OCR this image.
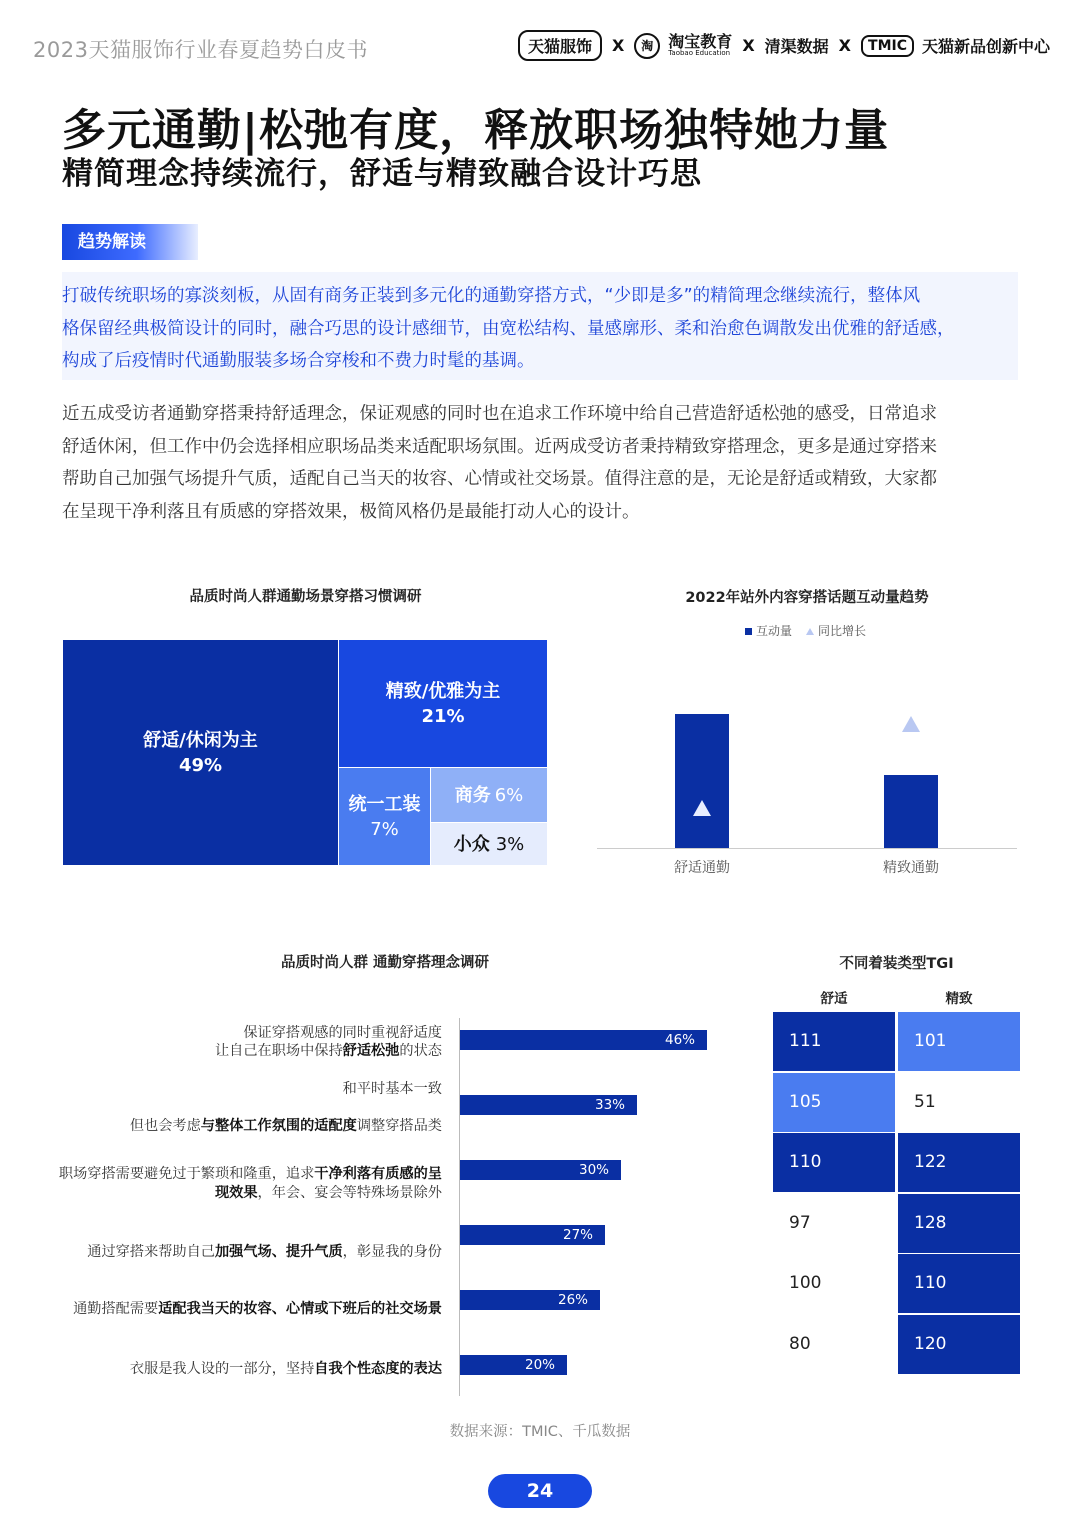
2023天猫服饰行业春夏趋势白皮书	天猫服饰	X	淘 淘宝教育
Taobao Education X 清渠数据 X	TMIC 天猫新品创新中心
多元通勤|松弛有度，释放职场独特她力量
精简理念持续流行，舒适与精致融合设计巧思
趋势解读
打破传统职场的寡淡刻板，从固有商务正装到多元化的通勤穿搭方式，“少即是多”的精简理念继续流行，整体风
格保留经典极简设计的同时，融合巧思的设计感细节，由宽松结构、量感廓形、柔和治愈色调散发出优雅的舒适感，
构成了后疫情时代通勤服装多场合穿梭和不费力时髦的基调。
近五成受访者通勤穿搭秉持舒适理念，保证观感的同时也在追求工作环境中给自己营造舒适松弛的感受，日常追求
舒适休闲，但工作中仍会选择相应职场品类来适配职场氛围。近两成受访者秉持精致穿搭理念，更多是通过穿搭来
帮助自己加强气场提升气质，适配自己当天的妆容、心情或社交场景。值得注意的是，无论是舒适或精致，大家都
在呈现干净利落且有质感的穿搭效果，极简风格仍是最能打动人心的设计。
品质时尚人群通勤场景穿搭习惯调研
舒适/休闲为主
49%
精致/优雅为主
21%
统一工装
7%
商务 6%
小众 3%
2022年站外内容穿搭话题互动量趋势
互动量	同比增长
舒适通勤	精致通勤
品质时尚人群 通勤穿搭理念调研
保证穿搭观感的同时重视舒适度
让自己在职场中保持舒适松弛的状态
46%
和平时基本一致
但也会考虑与整体工作氛围的适配度调整穿搭品类
33%
职场穿搭需要避免过于繁琐和隆重，追求干净利落有质感的呈
现效果，年会、宴会等特殊场景除外
30%
通过穿搭来帮助自己加强气场、提升气质，彰显我的身份
27%
通勤搭配需要适配我当天的妆容、心情或下班后的社交场景
26%
衣服是我人设的一部分，坚持自我个性态度的表达	20%
不同着装类型TGI
舒适	精致
111	101
105	51
110	122
97	128
100	110
80	120
数据来源：TMIC、千瓜数据
24
